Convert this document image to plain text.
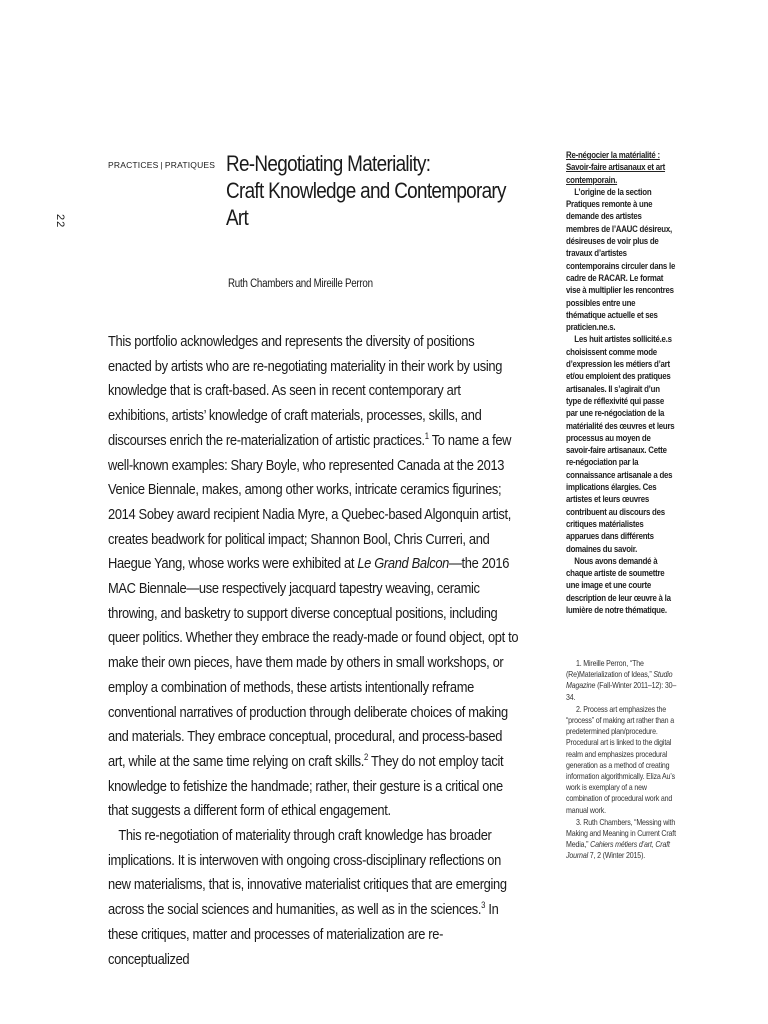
22
PRACTICES | PRATIQUES Re-Negotiating Materiality:
Craft Knowledge and Contemporary Art
Ruth Chambers and Mireille Perron

This portfolio acknowledges and represents the diversity of positions enacted by artists who are re-negotiating materiality in their work by using knowledge that is craft-based. As seen in recent contemporary art exhibitions, artists’ knowledge of craft materials, processes, skills, and discourses enrich the re-materialization of artistic practices.$^1$ To name a few well-known examples: Shary Boyle, who represented Canada at the 2013 Venice Biennale, makes, among other works, intricate ceramics figurines; 2014 Sobey award recipient Nadia Myre, a Quebec-based Algonquin artist, creates beadwork for political impact; Shannon Bool, Chris Curreri, and Haegue Yang, whose works were exhibited at Le Grand Balcon—the 2016 MAC Biennale—use respectively jacquard tapestry weaving, ceramic throwing, and basketry to support diverse conceptual positions, including queer politics. Whether they embrace the ready-made or found object, opt to make their own pieces, have them made by others in small workshops, or employ a combination of methods, these artists intentionally reframe conventional narratives of production through deliberate choices of making and materials. They embrace conceptual, procedural, and process-based art, while at the same time relying on craft skills.$^2$ They do not employ tacit knowledge to fetishize the handmade; rather, their gesture is a critical one that suggests a different form of ethical engagement.

This re-negotiation of materiality through craft knowledge has broader implications. It is interwoven with ongoing cross-disciplinary reflections on new materialisms, that is, innovative materialist critiques that are emerging across the social sciences and humanities, as well as in the sciences.$^3$ In these critiques, matter and processes of materialization are re-conceptualized

Re-négocier la matérialité : Savoir-faire artisanaux et art contemporain.

L’origine de la section Pratiques remonte à une demande des artistes membres de l’AAUC désireux, désireuses de voir plus de travaux d’artistes contemporains circuler dans le cadre de RACAR. Le format vise à multiplier les rencontres possibles entre une thématique actuelle et ses praticien.ne.s.

Les huit artistes sollicité.e.s choisissent comme mode d’expression les métiers d’art et/ou emploient des pratiques artisanales. Il s’agirait d’un type de réflexivité qui passe par une re-négociation de la matérialité des œuvres et leurs processus au moyen de savoir-faire artisanaux. Cette re-négociation par la connaissance artisanale a des implications élargies. Ces artistes et leurs œuvres contribuent au discours des critiques matérialistes apparues dans différents domaines du savoir.

Nous avons demandé à chaque artiste de soumettre une image et une courte description de leur œuvre à la lumière de notre thématique.

1. Mireille Perron, “The (Re)Materialization of Ideas,” Studio Magazine (Fall-Winter 2011–12): 30–34.

2. Process art emphasizes the “process” of making art rather than a predetermined plan/procedure. Procedural art is linked to the digital realm and emphasizes procedural generation as a method of creating information algorithmically. Eliza Au’s work is exemplary of a new combination of procedural work and manual work.

3. Ruth Chambers, “Messing with Making and Meaning in Current Craft Media,” Cahiers métiers d’art, Craft Journal 7, 2 (Winter 2015).
